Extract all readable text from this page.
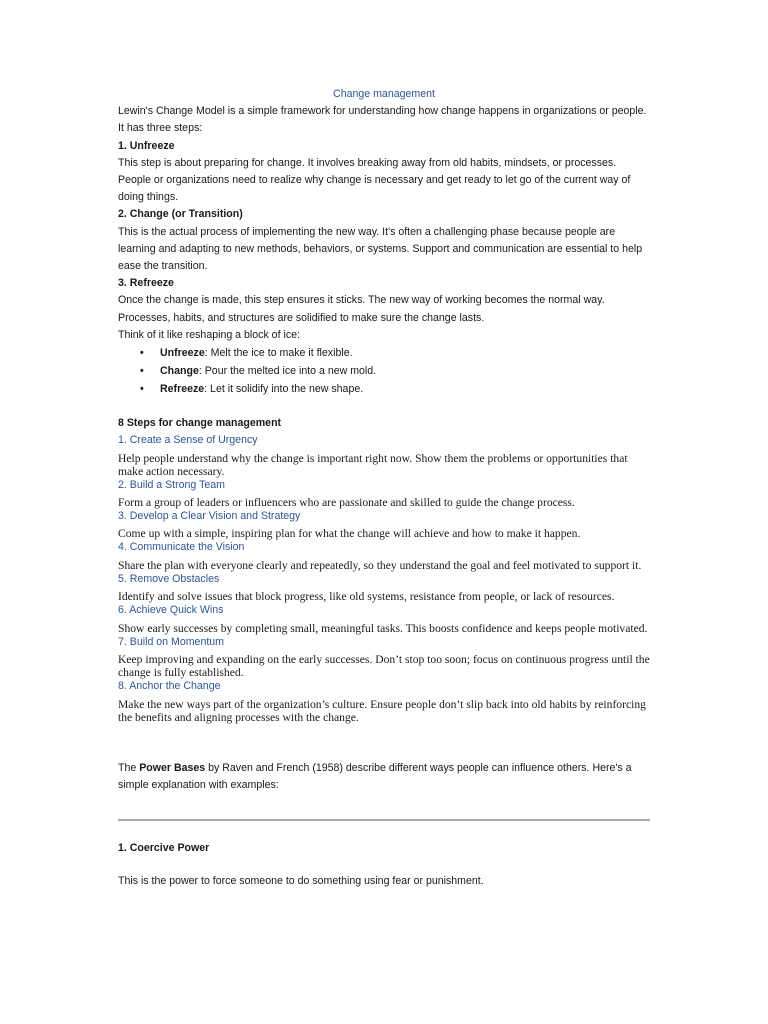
Change management
Lewin's Change Model is a simple framework for understanding how change happens in organizations or people. It has three steps:
1. Unfreeze
This step is about preparing for change. It involves breaking away from old habits, mindsets, or processes. People or organizations need to realize why change is necessary and get ready to let go of the current way of doing things.
2. Change (or Transition)
This is the actual process of implementing the new way. It's often a challenging phase because people are learning and adapting to new methods, behaviors, or systems. Support and communication are essential to help ease the transition.
3. Refreeze
Once the change is made, this step ensures it sticks. The new way of working becomes the normal way. Processes, habits, and structures are solidified to make sure the change lasts.
Think of it like reshaping a block of ice:
• Unfreeze: Melt the ice to make it flexible.
• Change: Pour the melted ice into a new mold.
• Refreeze: Let it solidify into the new shape.
8 Steps for change management
1. Create a Sense of Urgency
Help people understand why the change is important right now. Show them the problems or opportunities that make action necessary.
2. Build a Strong Team
Form a group of leaders or influencers who are passionate and skilled to guide the change process.
3. Develop a Clear Vision and Strategy
Come up with a simple, inspiring plan for what the change will achieve and how to make it happen.
4. Communicate the Vision
Share the plan with everyone clearly and repeatedly, so they understand the goal and feel motivated to support it.
5. Remove Obstacles
Identify and solve issues that block progress, like old systems, resistance from people, or lack of resources.
6. Achieve Quick Wins
Show early successes by completing small, meaningful tasks. This boosts confidence and keeps people motivated.
7. Build on Momentum
Keep improving and expanding on the early successes. Don’t stop too soon; focus on continuous progress until the change is fully established.
8. Anchor the Change
Make the new ways part of the organization’s culture. Ensure people don’t slip back into old habits by reinforcing the benefits and aligning processes with the change.
The Power Bases by Raven and French (1958) describe different ways people can influence others. Here's a simple explanation with examples:
1. Coercive Power
This is the power to force someone to do something using fear or punishment.
